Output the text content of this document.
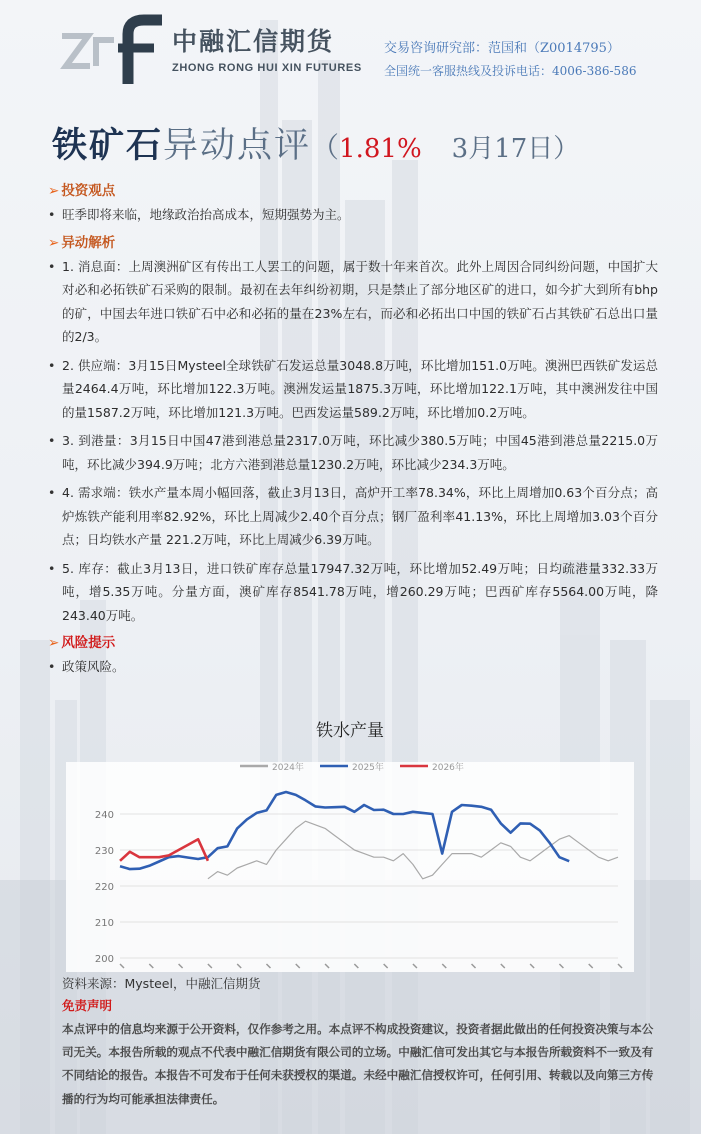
中融汇信期货
ZHONG RONG HUI XIN FUTURES
交易咨询研究部：范国和（Z0014795）
全国统一客服热线及投诉电话：4006-386-586
铁矿石异动点评（1.81% 3月17日）
➢ 投资观点
• 旺季即将来临，地缘政治抬高成本，短期强势为主。
➢ 异动解析
• 1. 消息面：上周澳洲矿区有传出工人罢工的问题，属于数十年来首次。此外上周因合同纠纷问题，中国扩大对必和必拓铁矿石采购的限制。最初在去年纠纷初期，只是禁止了部分地区矿的进口，如今扩大到所有bhp的矿，中国去年进口铁矿石中必和必拓的量在23%左右，而必和必拓出口中国的铁矿石占其铁矿石总出口量的2/3。
• 2. 供应端：3月15日Mysteel全球铁矿石发运总量3048.8万吨，环比增加151.0万吨。澳洲巴西铁矿发运总量2464.4万吨，环比增加122.3万吨。澳洲发运量1875.3万吨，环比增加122.1万吨，其中澳洲发往中国的量1587.2万吨，环比增加121.3万吨。巴西发运量589.2万吨，环比增加0.2万吨。
• 3. 到港量：3月15日中国47港到港总量2317.0万吨，环比减少380.5万吨；中国45港到港总量2215.0万吨，环比减少394.9万吨；北方六港到港总量1230.2万吨，环比减少234.3万吨。
• 4. 需求端：铁水产量本周小幅回落，截止3月13日，高炉开工率78.34%，环比上周增加0.63个百分点；高炉炼铁产能利用率82.92%，环比上周减少2.40个百分点；钢厂盈利率41.13%，环比上周增加3.03个百分点；日均铁水产量 221.2万吨，环比上周减少6.39万吨。
• 5. 库存：截止3月13日，进口铁矿库存总量17947.32万吨，环比增加52.49万吨；日均疏港量332.33万吨，增5.35万吨。分量方面，澳矿库存8541.78万吨，增260.29万吨；巴西矿库存5564.00万吨，降243.40万吨。
➢ 风险提示
• 政策风险。
铁水产量
2024年	2025年	2026年
200
210
220
230
240
资料来源：Mysteel，中融汇信期货
免责声明
本点评中的信息均来源于公开资料，仅作参考之用。本点评不构成投资建议，投资者据此做出的任何投资决策与本公司无关。本报告所载的观点不代表中融汇信期货有限公司的立场。中融汇信可发出其它与本报告所载资料不一致及有不同结论的报告。本报告不可发布于任何未获授权的渠道。未经中融汇信授权许可，任何引用、转载以及向第三方传播的行为均可能承担法律责任。
